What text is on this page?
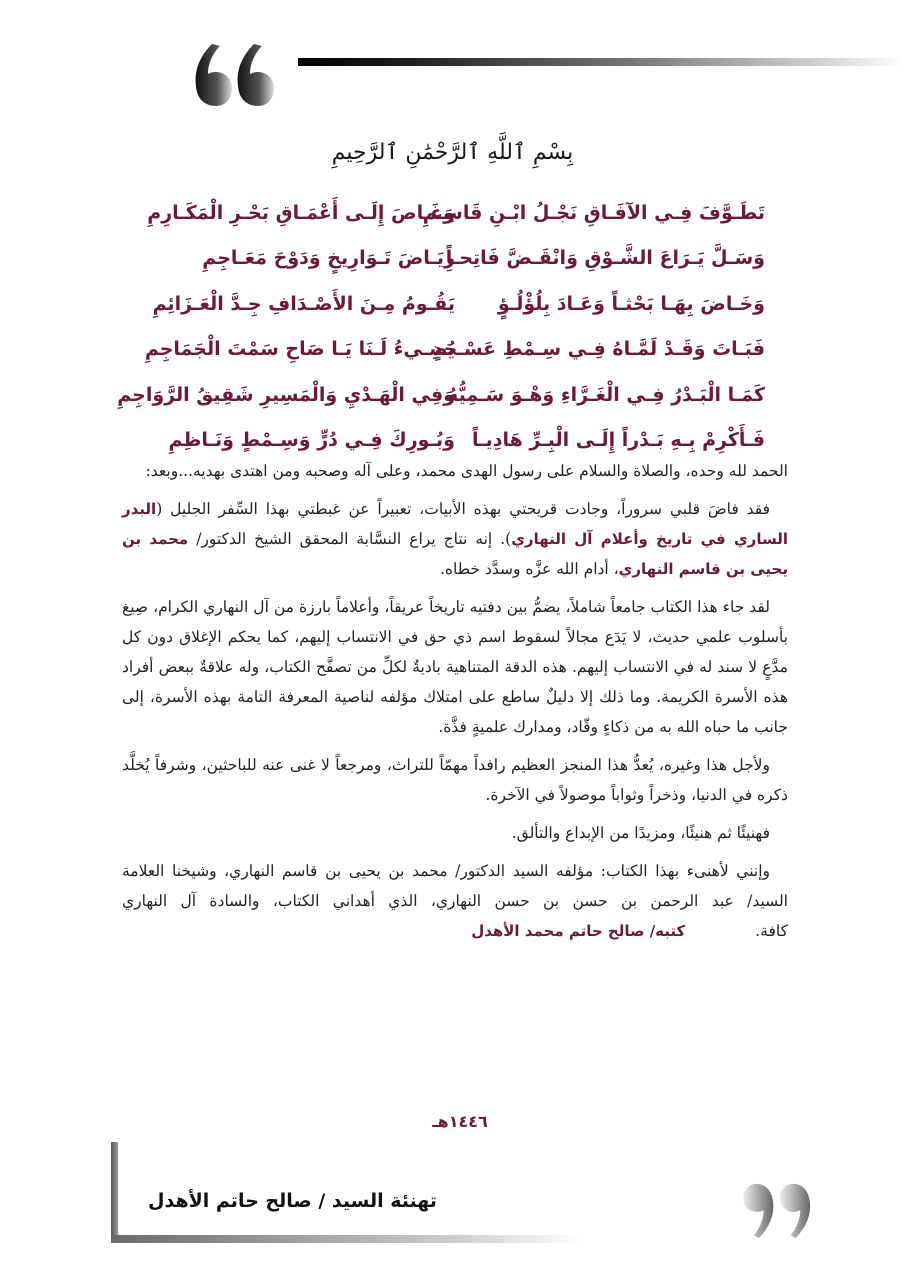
بِسْمِ ٱللَّهِ ٱلرَّحْمَٰنِ ٱلرَّحِيمِ
تَطَـوَّفَ فِـي الآفَـاقِ نَجْـلُ ابْـنِ قَاسِـمِ
وَغَـاصَ إِلَـى أَعْمَـاقِ بَحْـرِ الْمَكَـارِمِ
وَسَـلَّ يَـرَاعَ الشَّـوْقِ وَانْقَـضَّ فَاتِحـاً
رِيَـاضَ تَـوَارِيخٍ وَدَوْحَ مَعَـاجِمِ
وَخَـاضَ بِهَـا بَحْثـاً وَعَـادَ بِلُؤْلُـؤٍ
يَقُـومُ مِـنَ الأَصْـدَافِ جِـدَّ الْعَـزَائِمِ
فَبَـاتَ وَقَـدْ لَمَّـاهُ فِـي سِـمْطِ عَسْـجَدٍ
يُضِـيءُ لَـنَا يَـا صَاحِ سَمْتَ الْجَمَاجِمِ
كَمَـا الْبَـدْرُ فِـي الْغَـرَّاءِ وَهْـوَ سَـمِيُّهُ
وَفِي الْهَـدْيِ وَالْمَسِيرِ شَقِيقُ الرَّوَاجِمِ
فَـأَكْرِمْ بِـهِ بَـدْراً إِلَـى الْبِـرِّ هَادِيـاً
وَبُـورِكَ فِـي دُرٍّ وَسِـمْطٍ وَنَـاظِمِ

الحمد لله وحده، والصلاة والسلام على رسول الهدى محمد، وعلى آله وصحبه ومن اهتدى بهديه...وبعد:

فقد فاضَ قلبي سروراً، وجادت قريحتي بهذه الأبيات، تعبيراً عن غبطتي بهذا السِّفر الجليل (البدر الساري في تاريخ وأعلام آل النهاري). إنه نتاج يراع النسَّابة المحقق الشيخ الدكتور/ محمد بن يحيى بن قاسم النهاري، أدام الله عزَّه وسدَّد خطاه.

لقد جاء هذا الكتاب جامعاً شاملاً، يضمُّ بين دفتيه تاريخاً عريقاً، وأعلاماً بارزة من آل النهاري الكرام، صِيغ بأسلوب علمي حديث، لا يَدَع مجالاً لسقوط اسم ذي حق في الانتساب إليهم، كما يحكم الإغلاق دون كل مدَّعٍ لا سند له في الانتساب إليهم. هذه الدقة المتناهية باديةٌ لكلِّ من تصفَّح الكتاب، وله علاقةٌ ببعض أفراد هذه الأسرة الكريمة. وما ذلك إلا دليلٌ ساطع على امتلاك مؤلفه لناصية المعرفة التامة بهذه الأسرة، إلى جانب ما حباه الله به من ذكاءٍ وقّاد، ومدارك علميةٍ فذَّة.

ولأجل هذا وغيره، يُعدُّ هذا المنجز العظيم رافداً مهمّاً للتراث، ومرجعاً لا غنى عنه للباحثين، وشرفاً يُخلَّد ذكره في الدنيا، وذخراً وثواباً موصولاً في الآخرة.

فهنيئًا ثم هنيئًا، ومزيدًا من الإبداع والتألق.

وإنني لأهنىء بهذا الكتاب: مؤلفه السيد الدكتور/ محمد بن يحيى بن قاسم النهاري، وشيخنا العلامة السيد/ عبد الرحمن بن حسن بن حسن النهاري، الذي أهداني الكتاب، والسادة آل النهاري كافة.كتبه/ صالح حاتم محمد الأهدل

١٤٤٦هـ
تهنئة السيد / صالح حاتم الأهدل
